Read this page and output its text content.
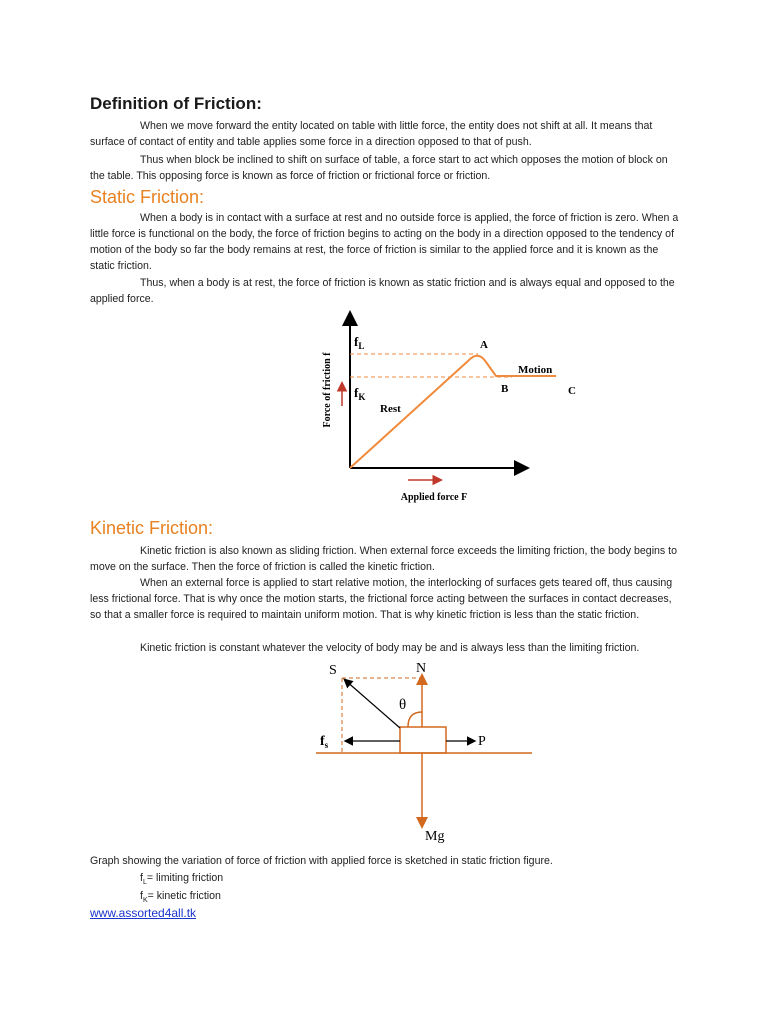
Definition of Friction:

When we move forward the entity located on table with little force, the entity does not shift at all. It means that surface of contact of entity and table applies some force in a direction opposed to that of push.

Thus when block be inclined to shift on surface of table, a force start to act which opposes the motion of block on the table. This opposing force is known as force of friction or frictional force or friction.

Static Friction:

When a body is in contact with a surface at rest and no outside force is applied, the force of friction is zero. When a little force is functional on the body, the force of friction begins to acting on the body in a direction opposed to the tendency of motion of the body so far the body remains at rest, the force of friction is similar to the applied force and it is known as the static friction.

Thus, when a body is at rest, the force of friction is known as static friction and is always equal and opposed to the applied force.

Force of friction f
$f_L$
$f_K$
A
Motion
B	C
Rest
Applied force F
Kinetic Friction:

Kinetic friction is also known as sliding friction. When external force exceeds the limiting friction, the body begins to move on the surface. Then the force of friction is called the kinetic friction.

When an external force is applied to start relative motion, the interlocking of surfaces gets teared off, thus causing less frictional force. That is why once the motion starts, the frictional force acting between the surfaces in contact decreases, so that a smaller force is required to maintain uniform motion. That is why kinetic friction is less than the static friction.

Kinetic friction is constant whatever the velocity of body may be and is always less than the limiting friction.

S	N
θ
$f_s$	P
Mg
Graph showing the variation of force of friction with applied force is sketched in static friction figure.
$f_L=$ limiting friction
$f_K=$ kinetic friction
www.assorted4all.tk
